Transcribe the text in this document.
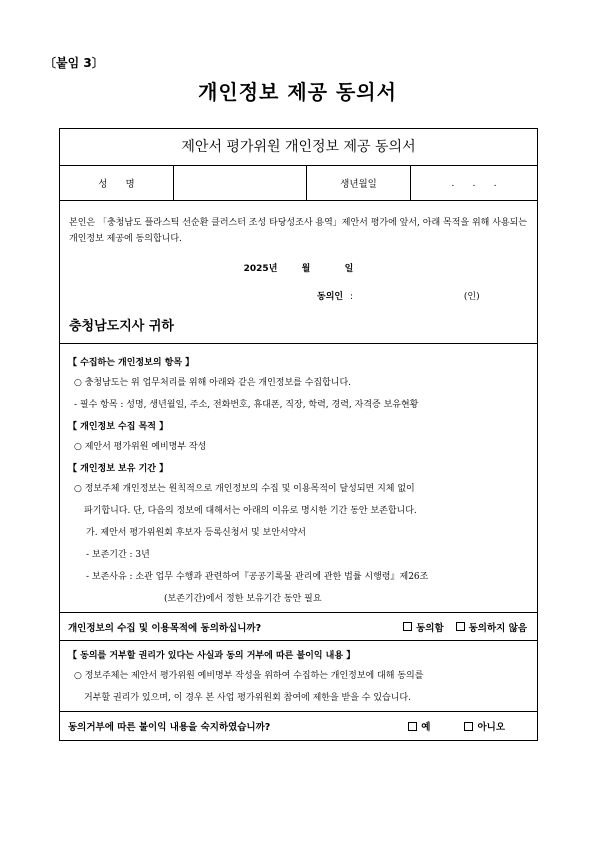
〔붙임 3〕
개인정보 제공 동의서
제안서 평가위원 개인정보 제공 동의서
성      명	생년월일	.      .      .
본인은 「충청남도 플라스틱 선순환 클러스터 조성 타당성조사 용역」제안서 평가에 앞서, 아래 목적을 위해 사용되는 개인정보 제공에 동의합니다.
2025년	월	일
동의인 :	(인)
충청남도지사 귀하
【 수집하는 개인정보의 항목 】
○ 충청남도는 위 업무처리를 위해 아래와 같은 개인정보를 수집합니다.
- 필수 항목 : 성명, 생년월일, 주소, 전화번호, 휴대폰, 직장, 학력, 경력, 자격증 보유현황
【 개인정보 수집 목적 】
○ 제안서 평가위원 예비명부 작성
【 개인정보 보유 기간 】
○ 정보주체 개인정보는 원칙적으로 개인정보의 수집 및 이용목적이 달성되면 지체 없이
파기합니다. 단, 다음의 정보에 대해서는 아래의 이유로 명시한 기간 동안 보존합니다.
가. 제안서 평가위원회 후보자 등록신청서 및 보안서약서
- 보존기간 : 3년
- 보존사유 : 소관 업무 수행과 관련하여『공공기록물 관리에 관한 법률 시행령』제26조
(보존기간)에서 정한 보유기간 동안 필요
개인정보의 수집 및 이용목적에 동의하십니까?	동의함	동의하지 않음
【 동의를 거부할 권리가 있다는 사실과 동의 거부에 따른 불이익 내용 】
○ 정보주체는 제안서 평가위원 예비명부 작성을 위하여 수집하는 개인정보에 대해 동의를
거부할 권리가 있으며, 이 경우 본 사업 평가위원회 참여에 제한을 받을 수 있습니다.
동의거부에 따른 불이익 내용을 숙지하였습니까?	예	아니오
